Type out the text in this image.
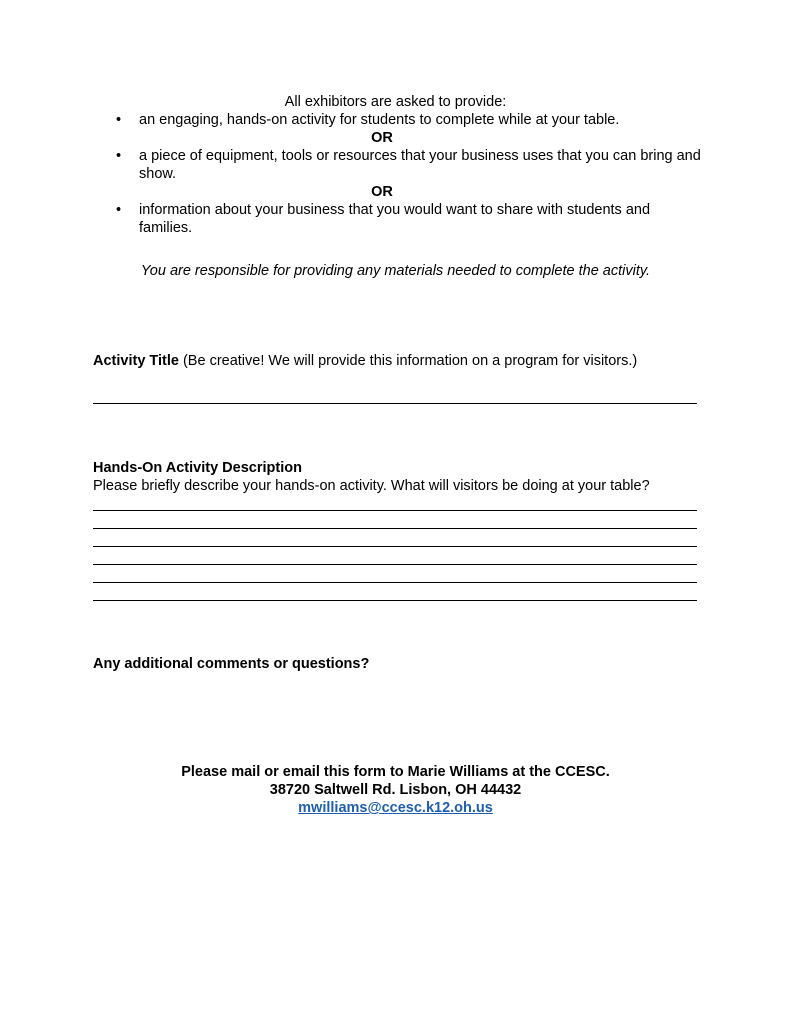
All exhibitors are asked to provide:
• an engaging, hands-on activity for students to complete while at your table.
OR
• a piece of equipment, tools or resources that your business uses that you can bring and show.
OR
• information about your business that you would want to share with students and families.
You are responsible for providing any materials needed to complete the activity.
Activity Title (Be creative! We will provide this information on a program for visitors.)
Hands-On Activity Description
Please briefly describe your hands-on activity. What will visitors be doing at your table?
Any additional comments or questions?
Please mail or email this form to Marie Williams at the CCESC.
38720 Saltwell Rd. Lisbon, OH 44432
mwilliams@ccesc.k12.oh.us
